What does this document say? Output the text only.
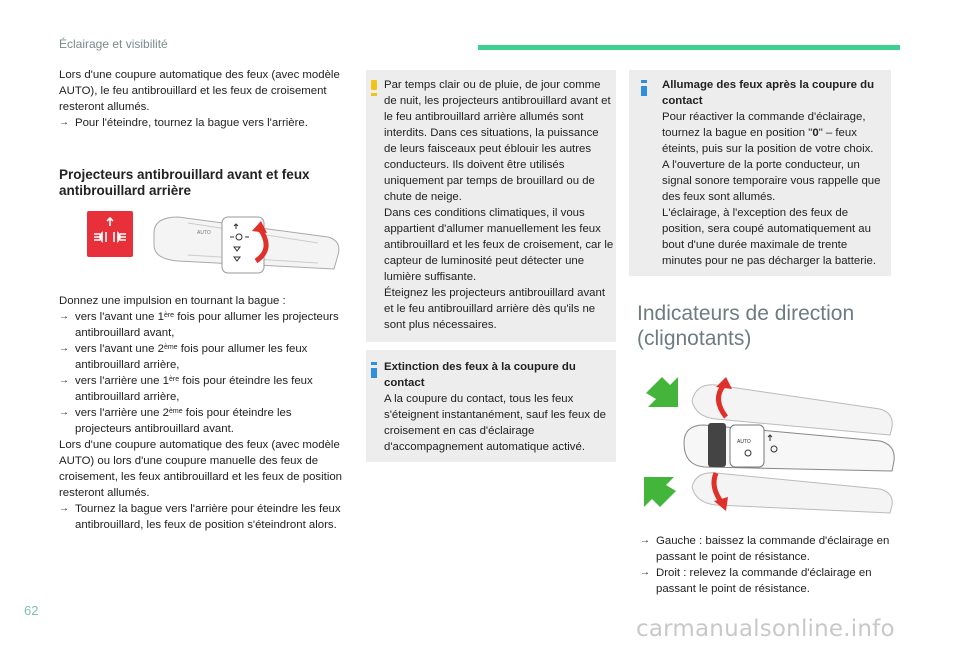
Éclairage et visibilité

Lors d'une coupure automatique des feux (avec modèle AUTO), le feu antibrouillard et les feux de croisement resteront allumés.

→ Pour l'éteindre, tournez la bague vers l'arrière.
Projecteurs antibrouillard avant et feux antibrouillard arrière
AUTO

Donnez une impulsion en tournant la bague :

→ vers l'avant une 1ère fois pour allumer les projecteurs antibrouillard avant,
→ vers l'avant une 2ème fois pour allumer les feux antibrouillard arrière,
→ vers l'arrière une 1ère fois pour éteindre les feux antibrouillard arrière,
→ vers l'arrière une 2ème fois pour éteindre les projecteurs antibrouillard avant.

Lors d'une coupure automatique des feux (avec modèle AUTO) ou lors d'une coupure manuelle des feux de croisement, les feux antibrouillard et les feux de position resteront allumés.

→ Tournez la bague vers l'arrière pour éteindre les feux antibrouillard, les feux de position s'éteindront alors.
Par temps clair ou de pluie, de jour comme de nuit, les projecteurs antibrouillard avant et le feu antibrouillard arrière allumés sont interdits. Dans ces situations, la puissance de leurs faisceaux peut éblouir les autres conducteurs. Ils doivent être utilisés uniquement par temps de brouillard ou de chute de neige.
Dans ces conditions climatiques, il vous appartient d'allumer manuellement les feux antibrouillard et les feux de croisement, car le capteur de luminosité peut détecter une lumière suffisante.
Éteignez les projecteurs antibrouillard avant et le feu antibrouillard arrière dès qu'ils ne sont plus nécessaires.
Extinction des feux à la coupure du contact
A la coupure du contact, tous les feux s'éteignent instantanément, sauf les feux de croisement en cas d'éclairage d'accompagnement automatique activé.
Allumage des feux après la coupure du contact
Pour réactiver la commande d'éclairage, tournez la bague en position "0" – feux éteints, puis sur la position de votre choix.
A l'ouverture de la porte conducteur, un signal sonore temporaire vous rappelle que des feux sont allumés.
L'éclairage, à l'exception des feux de position, sera coupé automatiquement au bout d'une durée maximale de trente minutes pour ne pas décharger la batterie.
Indicateurs de direction
(clignotants)
AUTO
→ Gauche : baissez la commande d'éclairage en passant le point de résistance.
→ Droit : relevez la commande d'éclairage en passant le point de résistance.
62
carmanualsonline.info
